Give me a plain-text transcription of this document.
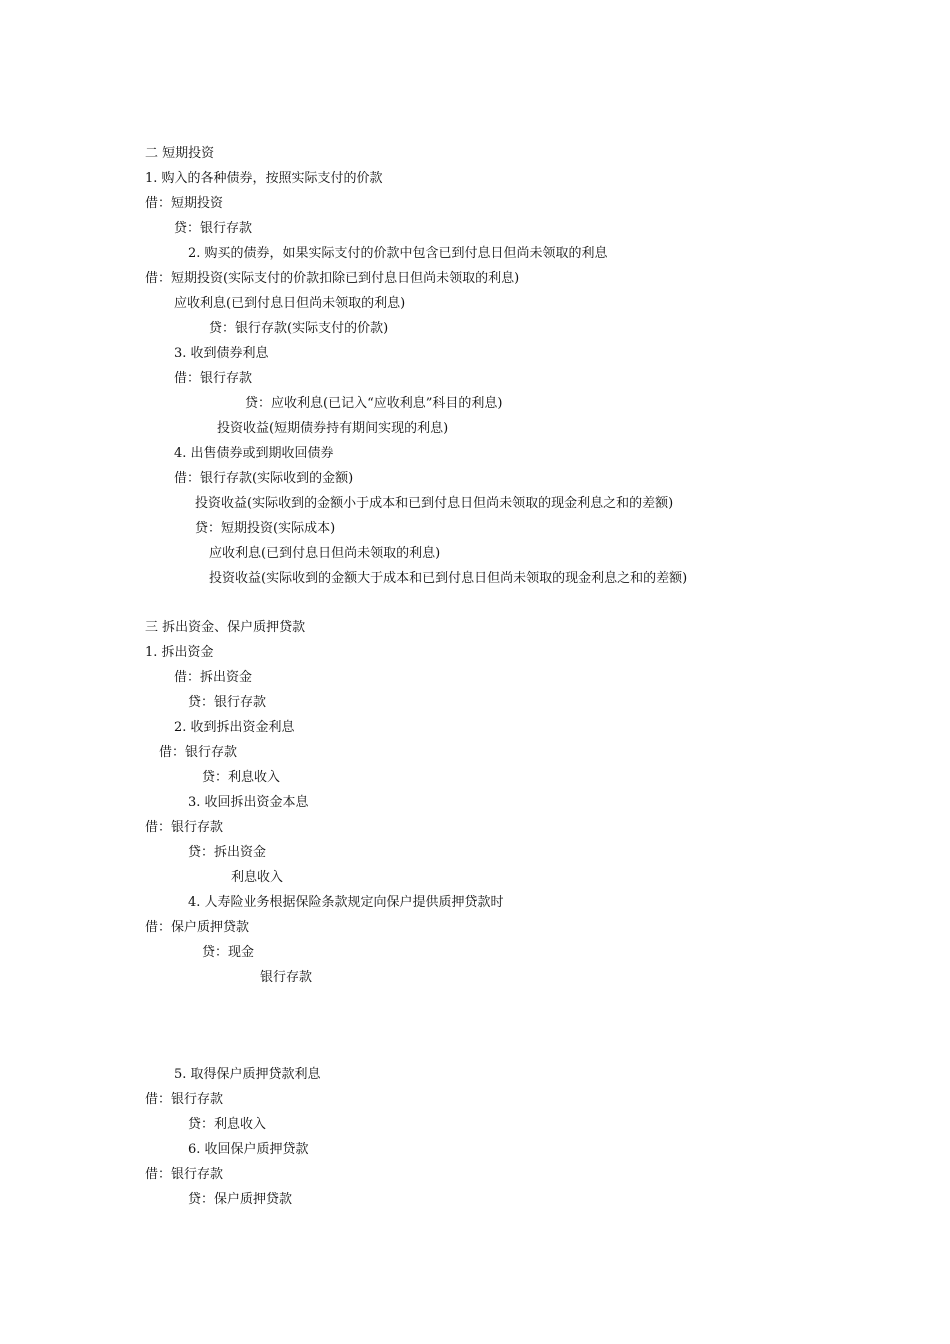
二 短期投资
1. 购入的各种债券，按照实际支付的价款
借：短期投资
贷：银行存款
2. 购买的债券，如果实际支付的价款中包含已到付息日但尚未领取的利息
借：短期投资(实际支付的价款扣除已到付息日但尚未领取的利息)
应收利息(已到付息日但尚未领取的利息)
贷：银行存款(实际支付的价款)
3. 收到债券利息
借：银行存款
贷：应收利息(已记入“应收利息”科目的利息)
投资收益(短期债券持有期间实现的利息)
4. 出售债券或到期收回债券
借：银行存款(实际收到的金额)
投资收益(实际收到的金额小于成本和已到付息日但尚未领取的现金利息之和的差额)
贷：短期投资(实际成本)
应收利息(已到付息日但尚未领取的利息)
投资收益(实际收到的金额大于成本和已到付息日但尚未领取的现金利息之和的差额)
三 拆出资金、保户质押贷款
1. 拆出资金
借：拆出资金
贷：银行存款
2. 收到拆出资金利息
借：银行存款
贷：利息收入
3. 收回拆出资金本息
借：银行存款
贷：拆出资金
利息收入
4. 人寿险业务根据保险条款规定向保户提供质押贷款时
借：保户质押贷款
贷：现金
银行存款
5. 取得保户质押贷款利息
借：银行存款
贷：利息收入
6. 收回保户质押贷款
借：银行存款
贷：保户质押贷款
